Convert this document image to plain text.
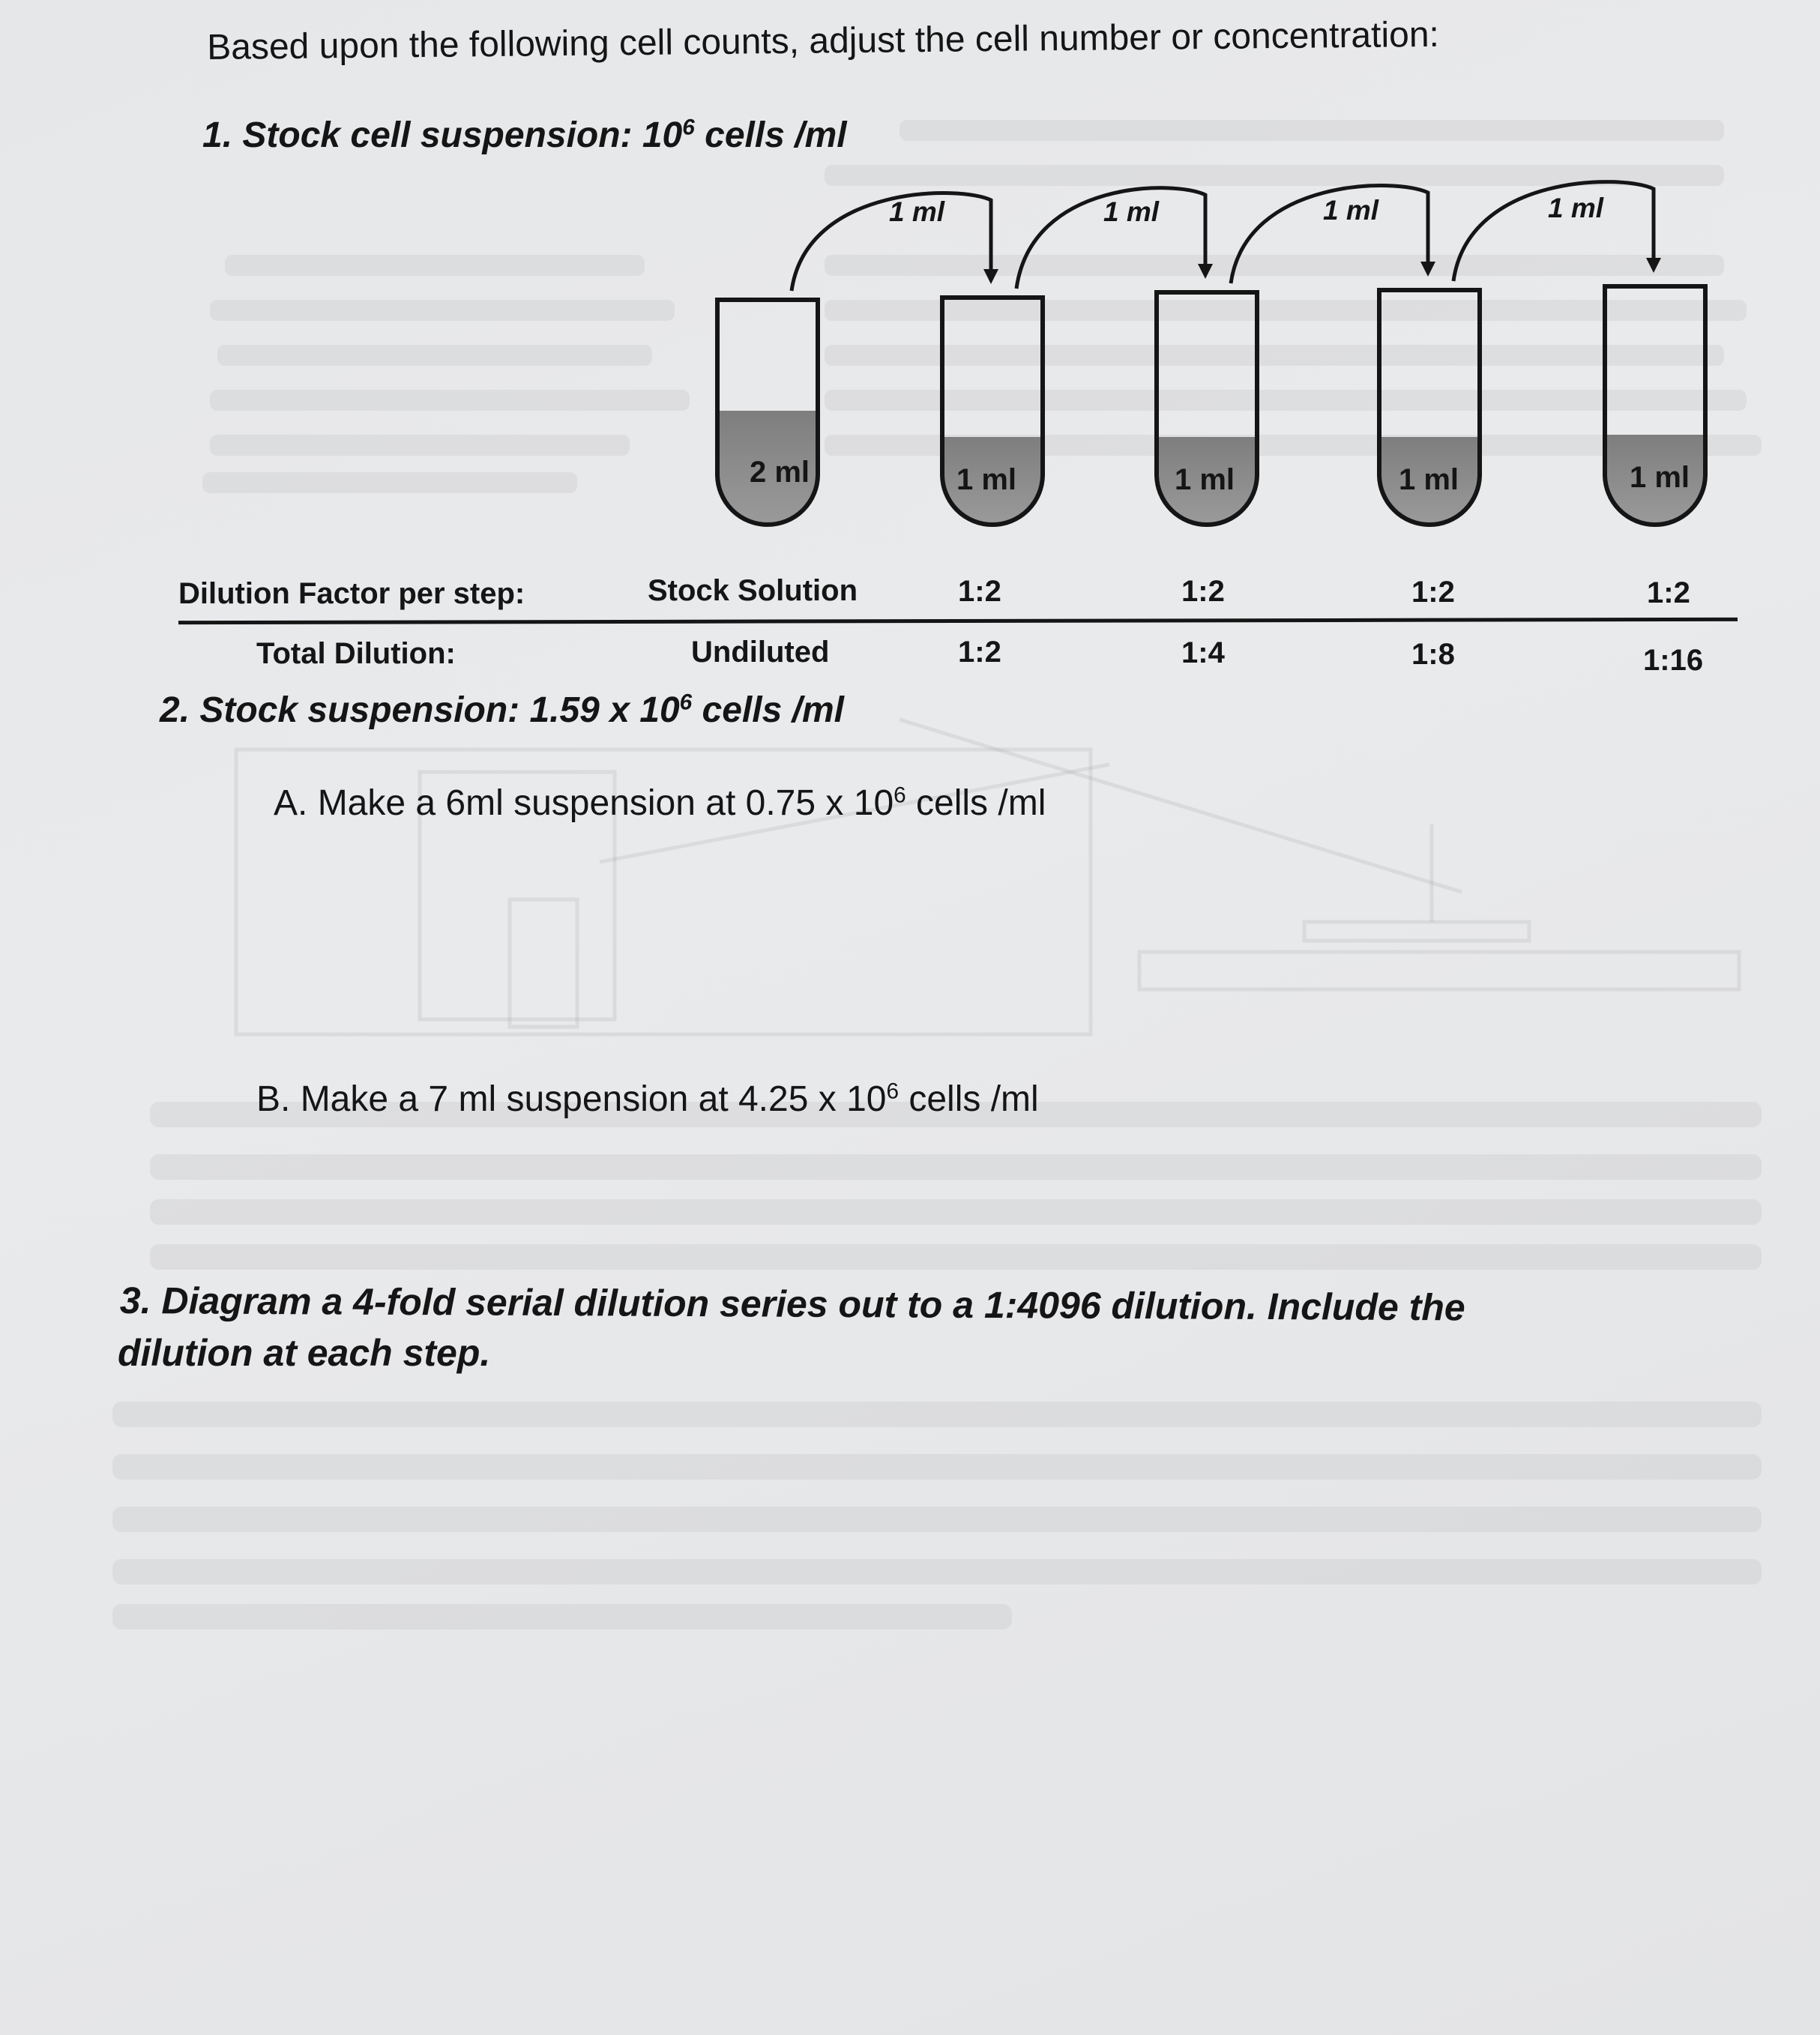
Based upon the following cell counts, adjust the cell number or concentration:

1. Stock cell suspension: $10^6$ cells /ml

1 ml	1 ml	1 ml	1 ml

2 ml	1 ml	1 ml	1 ml	1 ml

Dilution Factor per step:	Stock Solution	1:2	1:2	1:2	1:2

Total Dilution:	Undiluted	1:2	1:4	1:8	1:16

2. Stock suspension: 1.59 x $10^6$ cells /ml

A. Make a 6ml suspension at 0.75 x $10^6$ cells /ml

B. Make a 7 ml suspension at 4.25 x $10^6$ cells /ml

3. Diagram a 4-fold serial dilution series out to a 1:4096 dilution. Include the

dilution at each step.
